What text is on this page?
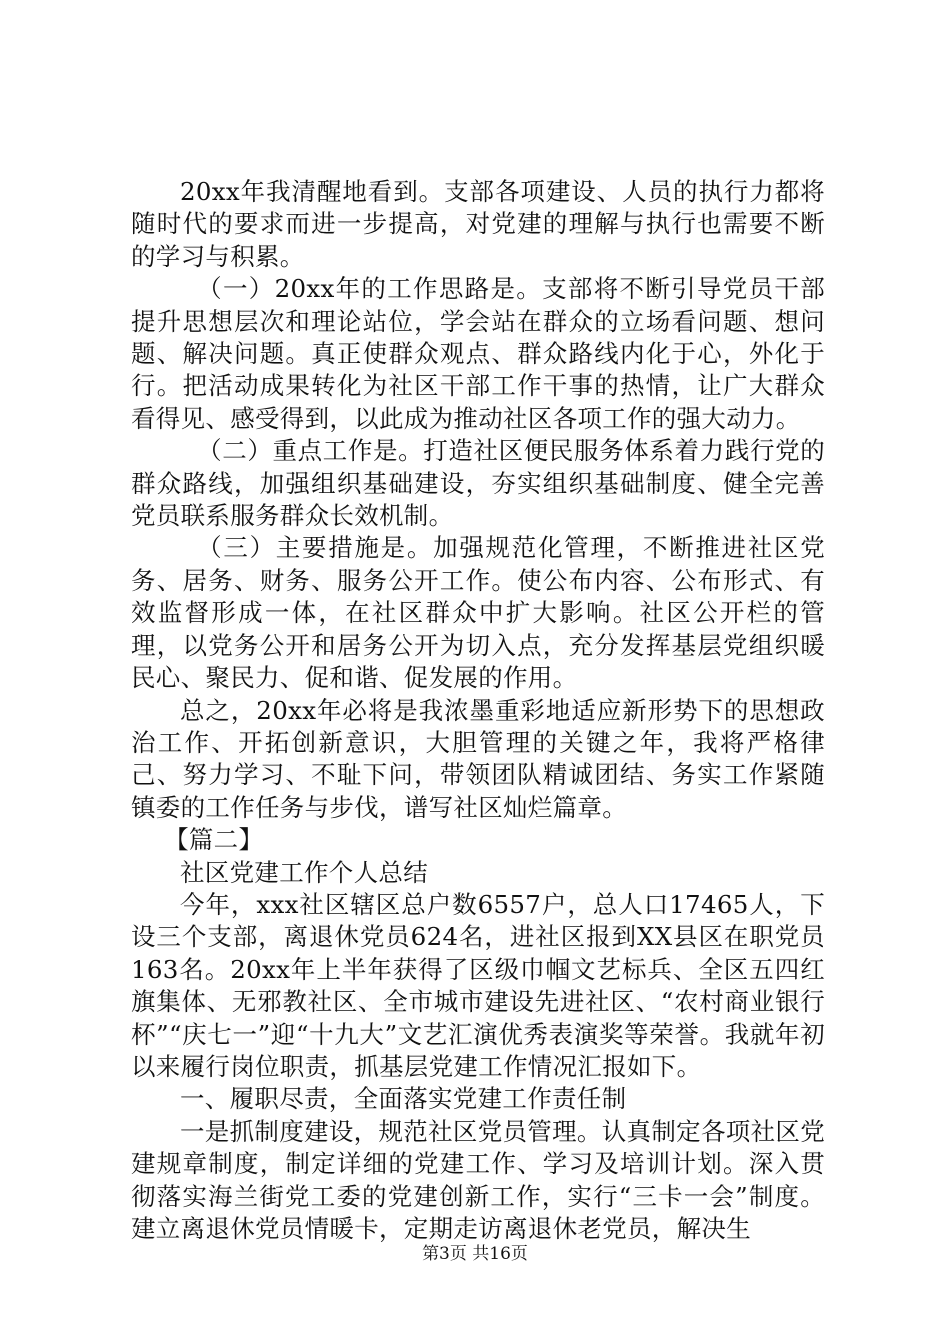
20xx年我清醒地看到。支部各项建设、人员的执行力都将随时代的要求而进一步提高，对党建的理解与执行也需要不断的学习与积累。

（一）20xx年的工作思路是。支部将不断引导党员干部提升思想层次和理论站位，学会站在群众的立场看问题、想问题、解决问题。真正使群众观点、群众路线内化于心，外化于行。把活动成果转化为社区干部工作干事的热情，让广大群众看得见、感受得到，以此成为推动社区各项工作的强大动力。

（二）重点工作是。打造社区便民服务体系着力践行党的群众路线，加强组织基础建设，夯实组织基础制度、健全完善党员联系服务群众长效机制。

（三）主要措施是。加强规范化管理，不断推进社区党务、居务、财务、服务公开工作。使公布内容、公布形式、有效监督形成一体，在社区群众中扩大影响。社区公开栏的管理，以党务公开和居务公开为切入点，充分发挥基层党组织暖民心、聚民力、促和谐、促发展的作用。

总之，20xx年必将是我浓墨重彩地适应新形势下的思想政治工作、开拓创新意识，大胆管理的关键之年，我将严格律己、努力学习、不耻下问，带领团队精诚团结、务实工作紧随镇委的工作任务与步伐，谱写社区灿烂篇章。

【篇二】

社区党建工作个人总结

今年，xxx社区辖区总户数6557户，总人口17465人，下设三个支部，离退休党员624名，进社区报到XX县区在职党员163名。20xx年上半年获得了区级巾帼文艺标兵、全区五四红旗集体、无邪教社区、全市城市建设先进社区、“农村商业银行杯”“庆七一”迎“十九大”文艺汇演优秀表演奖等荣誉。我就年初以来履行岗位职责，抓基层党建工作情况汇报如下。

一、履职尽责，全面落实党建工作责任制

一是抓制度建设，规范社区党员管理。认真制定各项社区党建规章制度，制定详细的党建工作、学习及培训计划。深入贯彻落实海兰街党工委的党建创新工作，实行“三卡一会”制度。建立离退休党员情暖卡，定期走访离退休老党员，解决生

第3页 共16页
